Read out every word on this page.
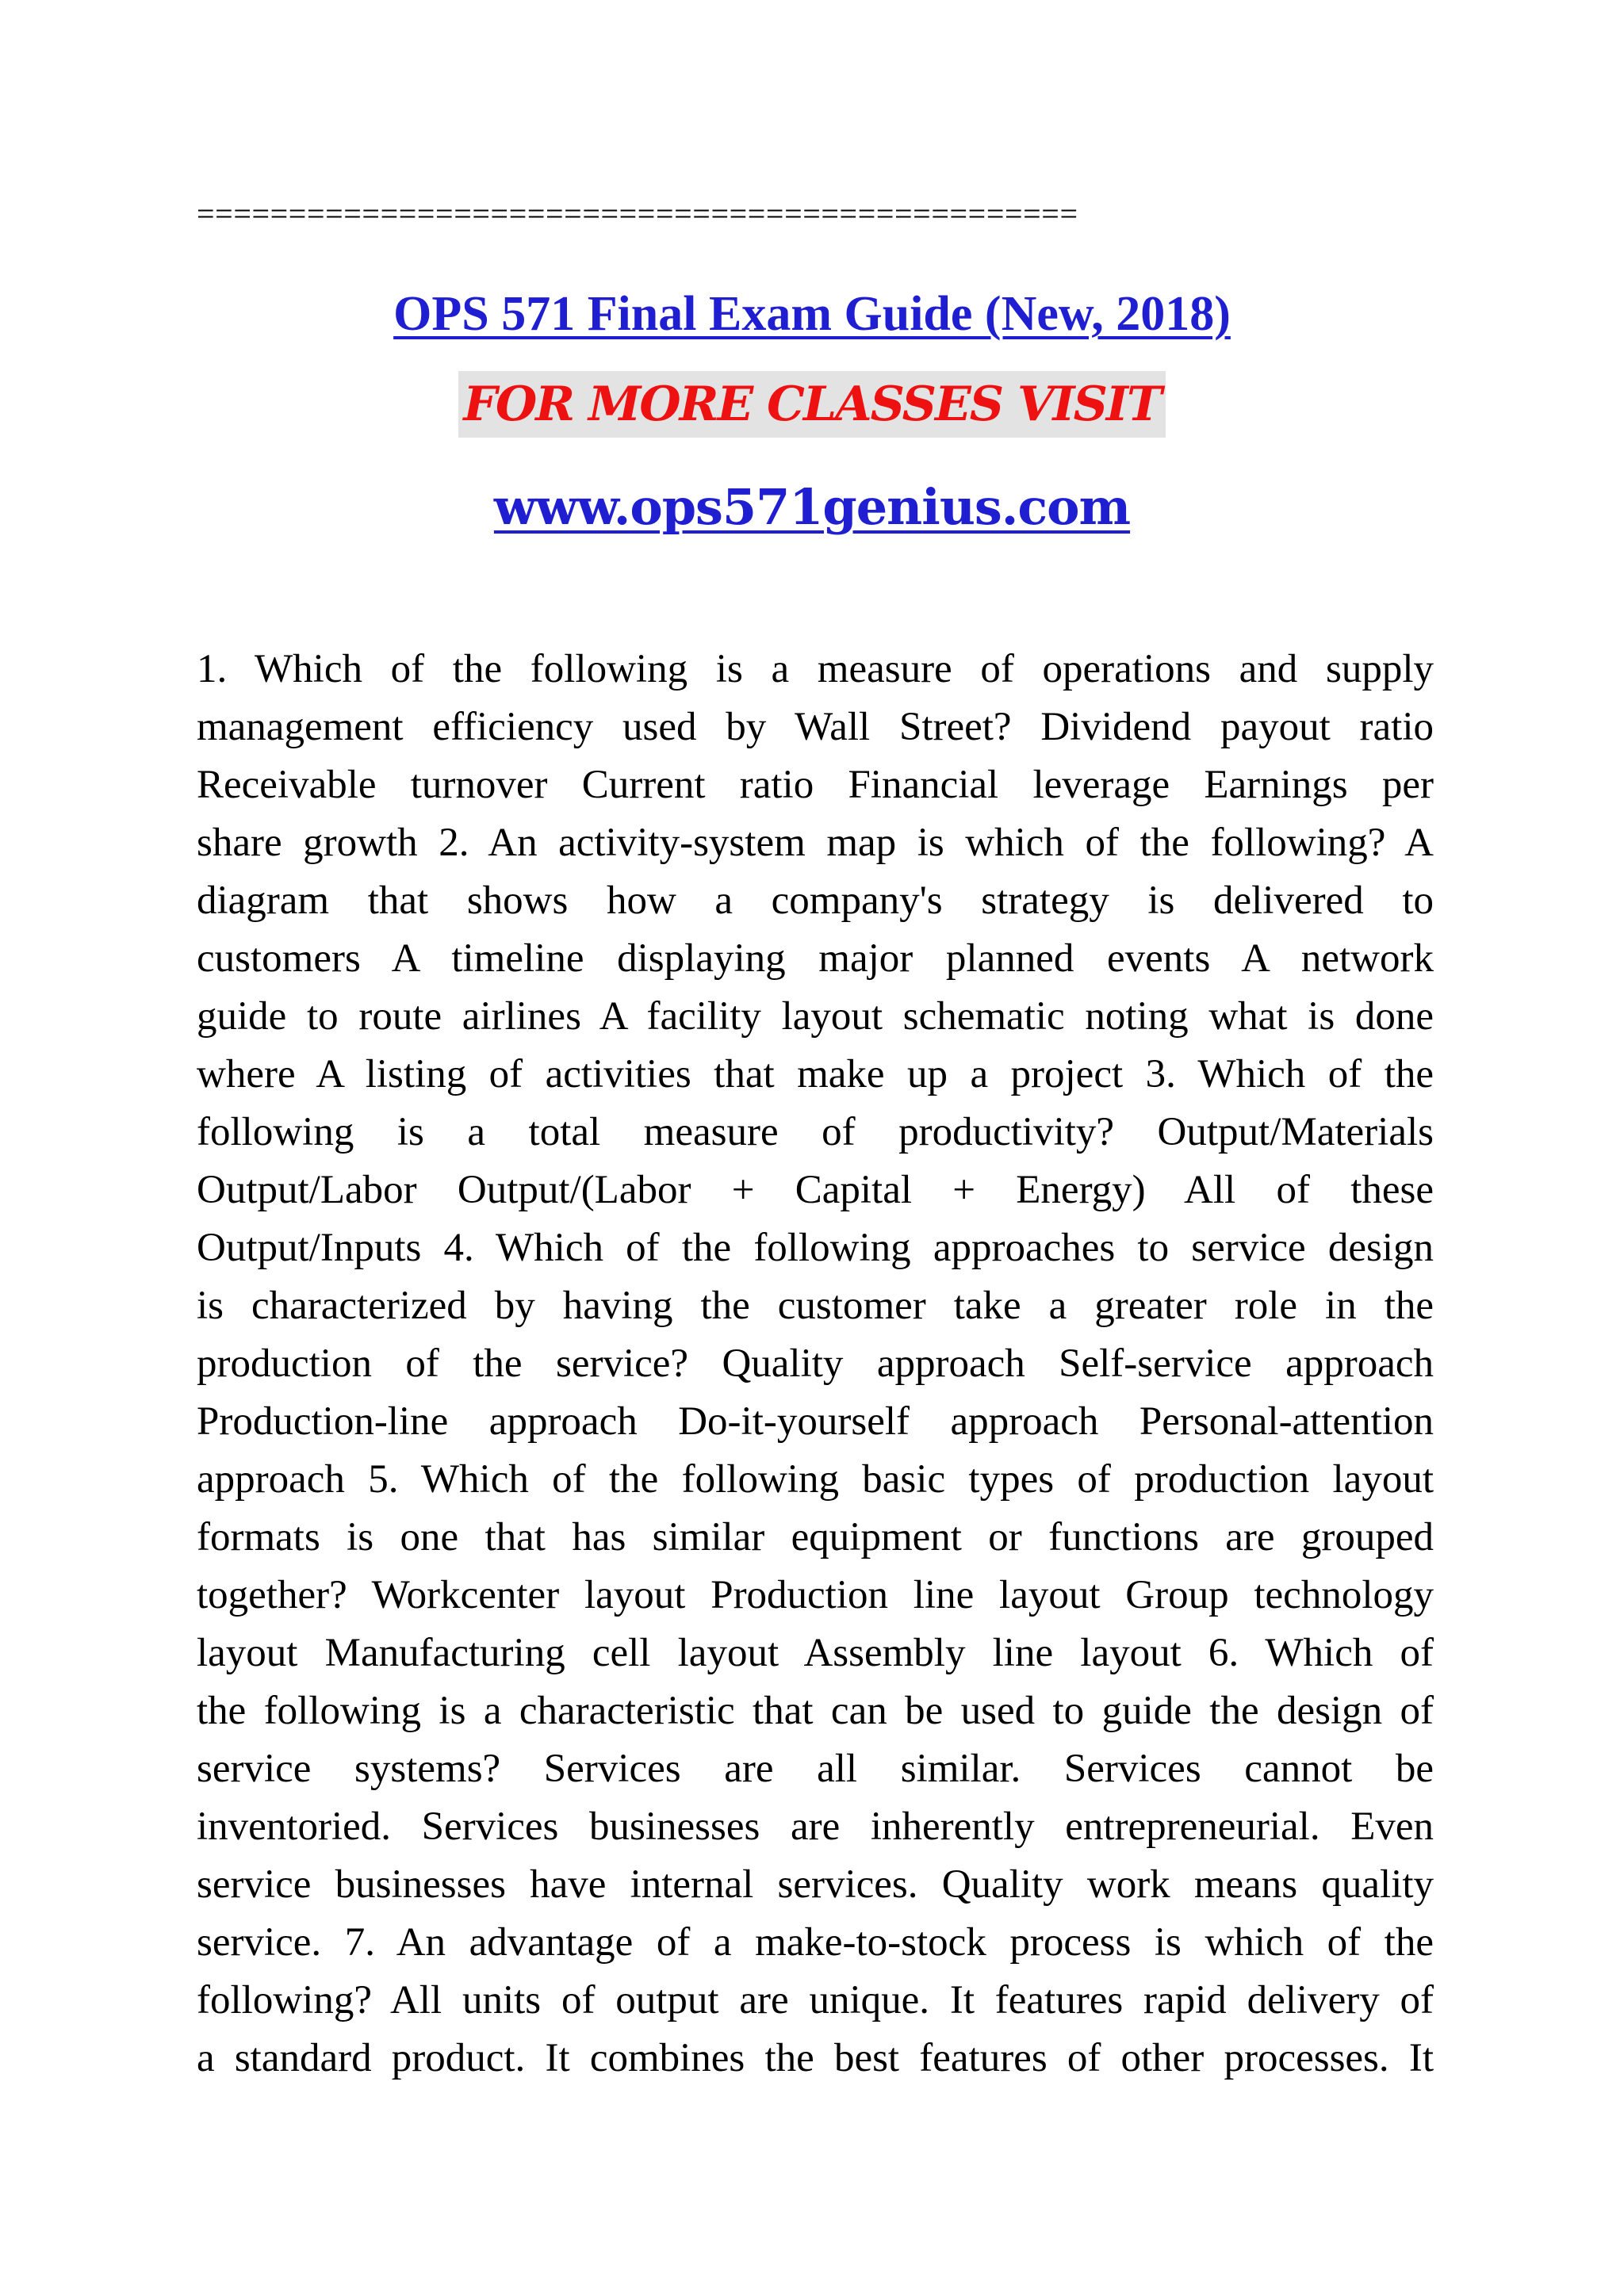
================================================
OPS 571 Final Exam Guide (New, 2018)
FOR MORE CLASSES VISIT
www.ops571genius.com
1. Which of the following is a measure of operations and supply
management efficiency used by Wall Street? Dividend payout ratio
Receivable turnover Current ratio Financial leverage Earnings per
share growth 2. An activity-system map is which of the following? A
diagram that shows how a company's strategy is delivered to
customers A timeline displaying major planned events A network
guide to route airlines A facility layout schematic noting what is done
where A listing of activities that make up a project 3. Which of the
following is a total measure of productivity? Output/Materials
Output/Labor Output/(Labor + Capital + Energy) All of these
Output/Inputs 4. Which of the following approaches to service design
is characterized by having the customer take a greater role in the
production of the service? Quality approach Self-service approach
Production-line approach Do-it-yourself approach Personal-attention
approach 5. Which of the following basic types of production layout
formats is one that has similar equipment or functions are grouped
together? Workcenter layout Production line layout Group technology
layout Manufacturing cell layout Assembly line layout 6. Which of
the following is a characteristic that can be used to guide the design of
service systems? Services are all similar. Services cannot be
inventoried. Services businesses are inherently entrepreneurial. Even
service businesses have internal services. Quality work means quality
service. 7. An advantage of a make-to-stock process is which of the
following? All units of output are unique. It features rapid delivery of
a standard product. It combines the best features of other processes. It
